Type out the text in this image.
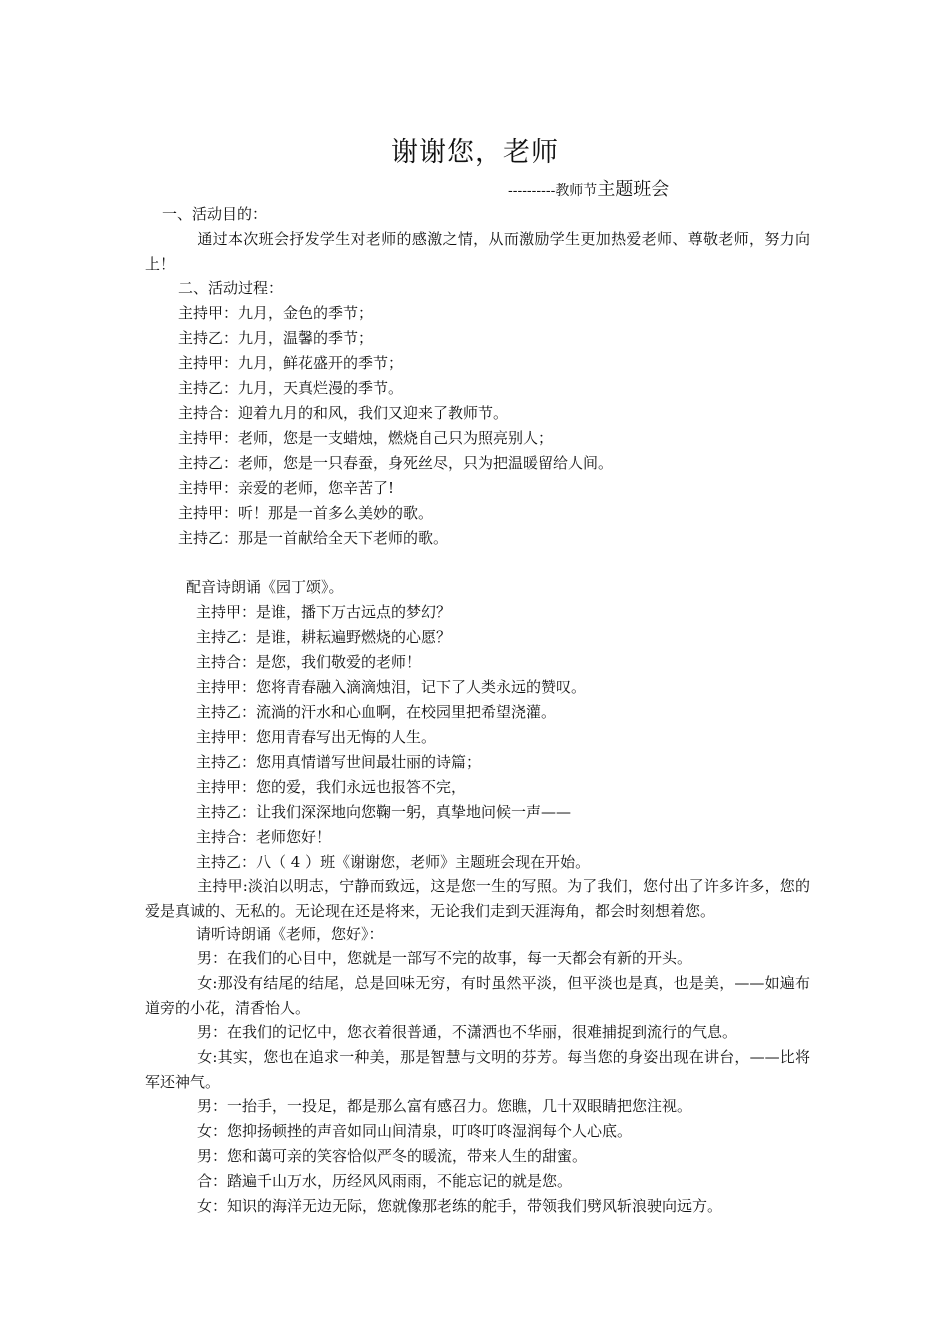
谢谢您，老师
----------教师节主题班会
一、活动目的：
通过本次班会抒发学生对老师的感激之情，从而激励学生更加热爱老师、尊敬老师，努力向上！
二、活动过程：
主持甲：九月，金色的季节；
主持乙：九月，温馨的季节；
主持甲：九月，鲜花盛开的季节；
主持乙：九月，天真烂漫的季节。
主持合：迎着九月的和风，我们又迎来了教师节。
主持甲：老师，您是一支蜡烛，燃烧自己只为照亮别人；
主持乙：老师，您是一只春蚕，身死丝尽，只为把温暖留给人间。
主持甲：亲爱的老师，您辛苦了!
主持甲：听！那是一首多么美妙的歌。
主持乙：那是一首献给全天下老师的歌。
配音诗朗诵《园丁颂》。
主持甲：是谁，播下万古远点的梦幻？
主持乙：是谁，耕耘遍野燃烧的心愿？
主持合：是您，我们敬爱的老师！
主持甲：您将青春融入滴滴烛泪，记下了人类永远的赞叹。
主持乙：流淌的汗水和心血啊，在校园里把希望浇灌。
主持甲：您用青春写出无悔的人生。
主持乙：您用真情谱写世间最壮丽的诗篇；
主持甲：您的爱，我们永远也报答不完，
主持乙：让我们深深地向您鞠一躬，真挚地问候一声——
主持合：老师您好！
主持乙：八（ 4 ）班《谢谢您，老师》主题班会现在开始。
主持甲:淡泊以明志，宁静而致远，这是您一生的写照。为了我们，您付出了许多许多，您的爱是真诚的、无私的。无论现在还是将来，无论我们走到天涯海角，都会时刻想着您。
请听诗朗诵《老师，您好》：
男：在我们的心目中，您就是一部写不完的故事，每一天都会有新的开头。
女:那没有结尾的结尾，总是回味无穷，有时虽然平淡，但平淡也是真，也是美，——如遍布道旁的小花，清香怡人。
男：在我们的记忆中，您衣着很普通，不潇洒也不华丽，很难捕捉到流行的气息。
女:其实，您也在追求一种美，那是智慧与文明的芬芳。每当您的身姿出现在讲台，——比将军还神气。
男：一抬手，一投足，都是那么富有感召力。您瞧，几十双眼睛把您注视。
女：您抑扬顿挫的声音如同山间清泉，叮咚叮咚湿润每个人心底。
男：您和蔼可亲的笑容恰似严冬的暖流，带来人生的甜蜜。
合：踏遍千山万水，历经风风雨雨，不能忘记的就是您。
女：知识的海洋无边无际，您就像那老练的舵手，带领我们劈风斩浪驶向远方。
